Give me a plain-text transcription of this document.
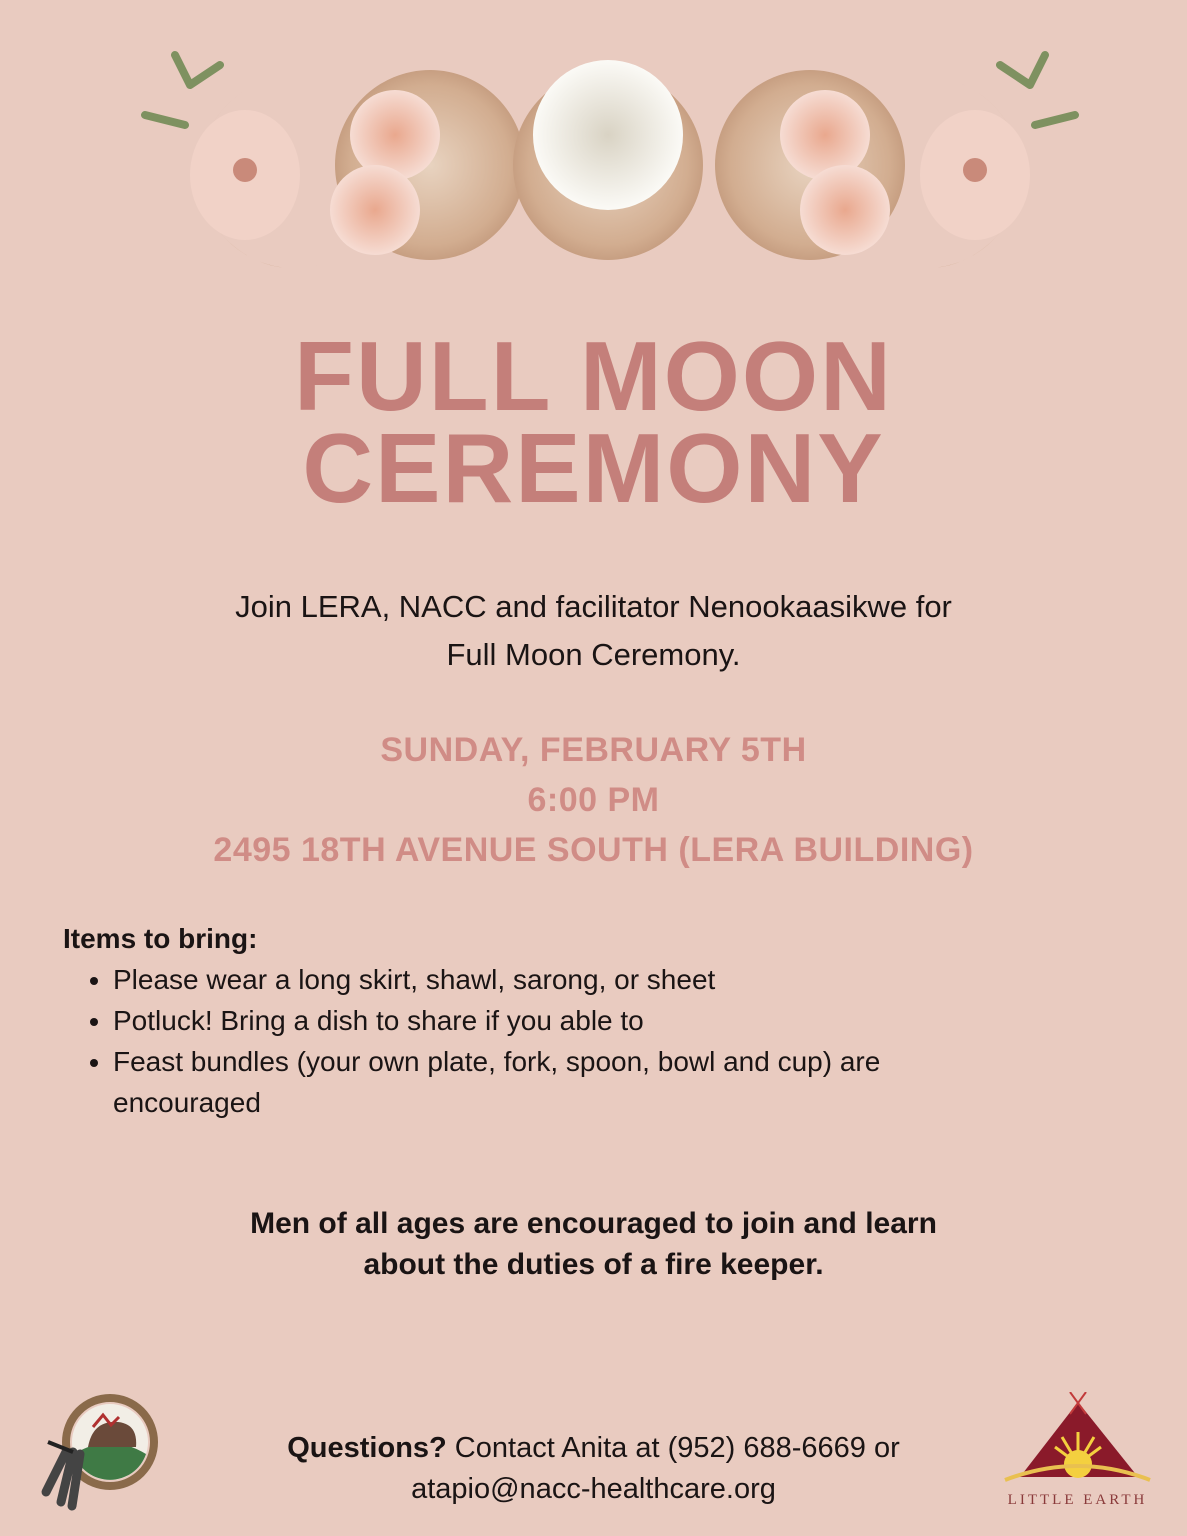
FULL MOON
CEREMONY
Join LERA, NACC and facilitator Nenookaasikwe for
Full Moon Ceremony.
SUNDAY, FEBRUARY 5TH
6:00 PM
2495 18TH AVENUE SOUTH (LERA BUILDING)
Items to bring:
• Please wear a long skirt, shawl, sarong, or sheet
• Potluck! Bring a dish to share if you able to
• Feast bundles (your own plate, fork, spoon, bowl and cup) are encouraged
Men of all ages are encouraged to join and learn
about the duties of a fire keeper.
Questions? Contact Anita at (952) 688-6669 or
atapio@nacc-healthcare.org	LITTLE EARTH
